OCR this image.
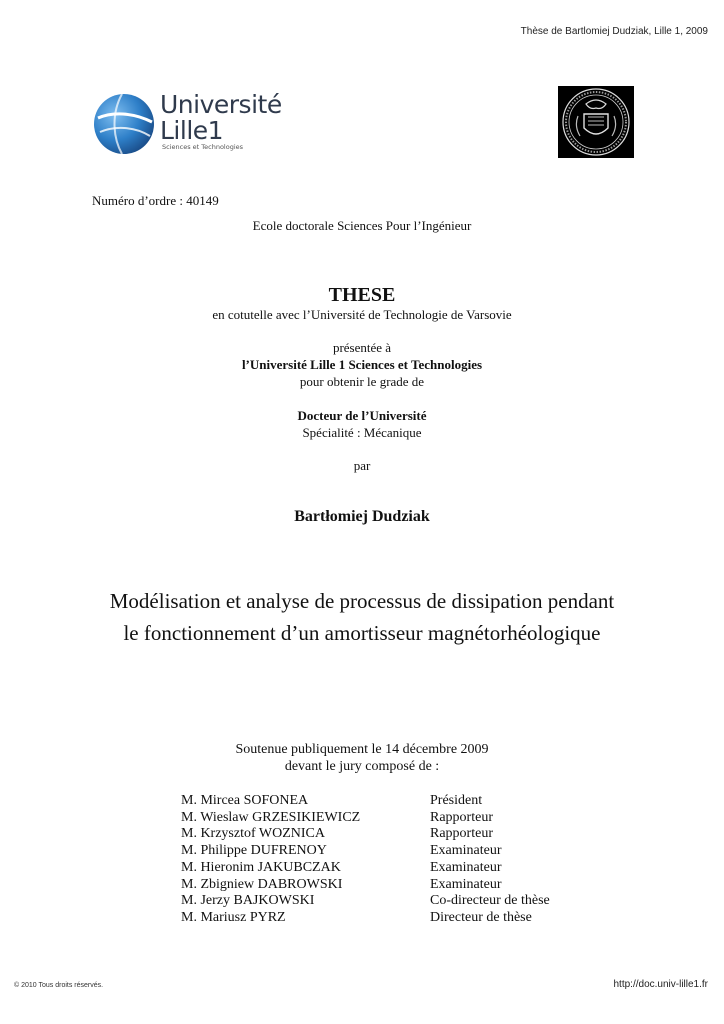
Thèse de Bartlomiej Dudziak, Lille 1, 2009
Université
Lille1
Sciences et Technologies
Numéro d’ordre : 40149
Ecole doctorale Sciences Pour l’Ingénieur
THESE
en cotutelle avec l’Université de Technologie de Varsovie
présentée à
l’Université Lille 1 Sciences et Technologies
pour obtenir le grade de
Docteur de l’Université
Spécialité : Mécanique
par
Bartłomiej Dudziak
Modélisation et analyse de processus de dissipation pendant
le fonctionnement d’un amortisseur magnétorhéologique
Soutenue publiquement le 14 décembre 2009
devant le jury composé de :
M. Mircea SOFONEA	Président
M. Wieslaw GRZESIKIEWICZ	Rapporteur
M. Krzysztof WOZNICA	Rapporteur
M. Philippe DUFRENOY	Examinateur
M. Hieronim JAKUBCZAK	Examinateur
M. Zbigniew DABROWSKI	Examinateur
M. Jerzy BAJKOWSKI	Co-directeur de thèse
M. Mariusz PYRZ	Directeur de thèse
© 2010 Tous droits réservés.	http://doc.univ-lille1.fr
